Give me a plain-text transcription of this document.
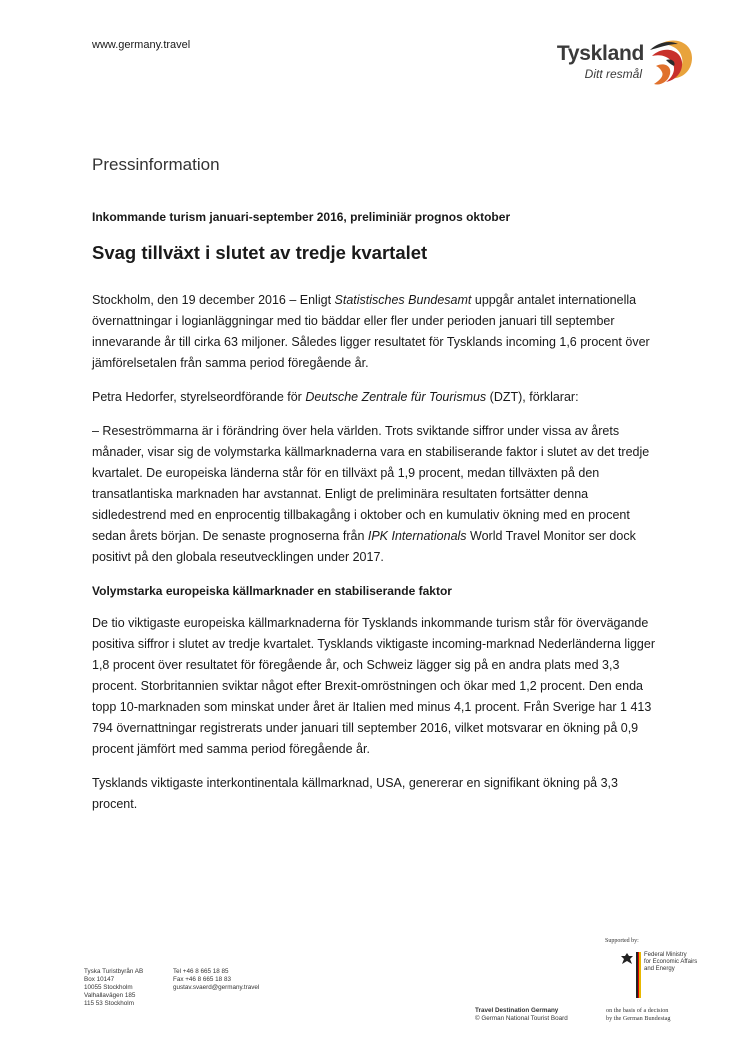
www.germany.travel	Tyskland
Ditt resmål
Pressinformation
Inkommande turism januari-september 2016, preliminiär prognos oktober
Svag tillväxt i slutet av tredje kvartalet

Stockholm, den 19 december 2016 – Enligt Statistisches Bundesamt uppgår antalet internationella övernattningar i logianläggningar med tio bäddar eller fler under perioden januari till september innevarande år till cirka 63 miljoner. Således ligger resultatet för Tysklands incoming 1,6 procent över jämförelsetalen från samma period föregående år.

Petra Hedorfer, styrelseordförande för Deutsche Zentrale für Tourismus (DZT), förklarar:

– Reseströmmarna är i förändring över hela världen. Trots sviktande siffror under vissa av årets månader, visar sig de volymstarka källmarknaderna vara en stabiliserande faktor i slutet av det tredje kvartalet. De europeiska länderna står för en tillväxt på 1,9 procent, medan tillväxten på den transatlantiska marknaden har avstannat. Enligt de preliminära resultaten fortsätter denna sidledestrend med en enprocentig tillbakagång i oktober och en kumulativ ökning med en procent sedan årets början. De senaste prognoserna från IPK Internationals World Travel Monitor ser dock positivt på den globala reseutvecklingen under 2017.

Volymstarka europeiska källmarknader en stabiliserande faktor

De tio viktigaste europeiska källmarknaderna för Tysklands inkommande turism står för övervägande positiva siffror i slutet av tredje kvartalet. Tysklands viktigaste incoming-marknad Nederländerna ligger 1,8 procent över resultatet för föregående år, och Schweiz lägger sig på en andra plats med 3,3 procent. Storbritannien sviktar något efter Brexit-omröstningen och ökar med 1,2 procent. Den enda topp 10-marknaden som minskat under året är Italien med minus 4,1 procent. Från Sverige har 1 413 794 övernattningar registrerats under januari till september 2016, vilket motsvarar en ökning på 0,9 procent jämfört med samma period föregående år.

Tysklands viktigaste interkontinentala källmarknad, USA, genererar en signifikant ökning på 3,3 procent.

Tyska Turistbyrån AB
Box 10147
10055 Stockholm
Valhallavägen 185
115 53 Stockholm
Tel +46 8 665 18 85
Fax +46 8 665 18 83
gustav.svaerd@germany.travel
Supported by:
Federal Ministry
for Economic Affairs
and Energy
Travel Destination Germany
© German National Tourist Board
on the basis of a decision
by the German Bundestag
